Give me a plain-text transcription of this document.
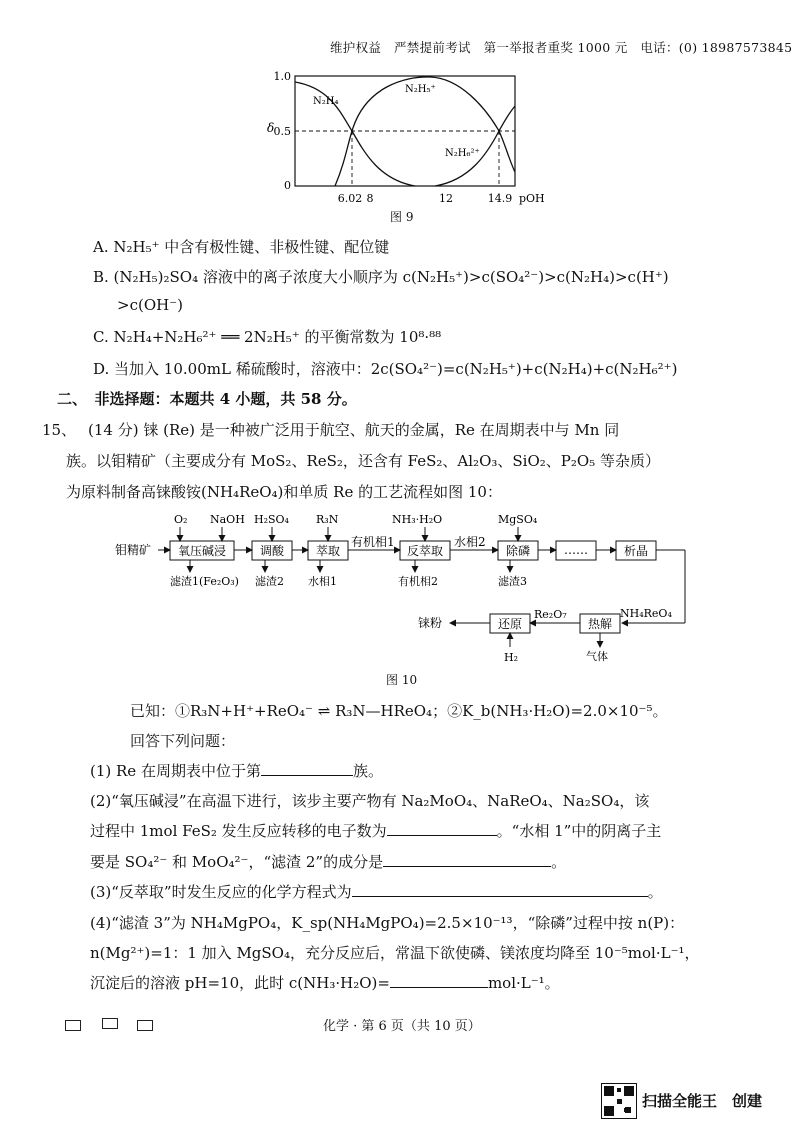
维护权益　严禁提前考试　第一举报者重奖 1000 元　电话：(0) 18987573845
δ
1.0
0.5
0
6.02 8	12	14.9 pOH
N₂H₄
N₂H₅⁺
N₂H₆²⁺
图 9
A. N₂H₅⁺ 中含有极性键、非极性键、配位键
B. (N₂H₅)₂SO₄ 溶液中的离子浓度大小顺序为 c(N₂H₅⁺)>c(SO₄²⁻)>c(N₂H₄)>c(H⁺)
>c(OH⁻)
C. N₂H₄+N₂H₆²⁺ ══ 2N₂H₅⁺ 的平衡常数为 10⁸·⁸⁸
D. 当加入 10.00mL 稀硫酸时，溶液中：2c(SO₄²⁻)=c(N₂H₅⁺)+c(N₂H₄)+c(N₂H₆²⁺)
二、　非选择题：本题共 4 小题，共 58 分。
15、 (14 分) 铼 (Re) 是一种被广泛用于航空、航天的金属，Re 在周期表中与 Mn 同
族。以钼精矿（主要成分有 MoS₂、ReS₂，还含有 FeS₂、Al₂O₃、SiO₂、P₂O₅ 等杂质）
为原料制备高铼酸铵(NH₄ReO₄)和单质 Re 的工艺流程如图 10：
钼精矿 氧压碱浸	调酸	萃取
有机相1
反萃取
水相2
除磷	……	析晶
NH₄ReO₄
热解
Re₂O₇
还原
铼粉
O₂ NaOH H₂SO₄ R₃N	NH₃·H₂O	MgSO₄
滤渣1(Fe₂O₃) 滤渣2 水相1	有机相2	滤渣3
气体
H₂
图 10
已知：①R₃N+H⁺+ReO₄⁻ ⇌ R₃N—HReO₄；②K_b(NH₃·H₂O)=2.0×10⁻⁵。
回答下列问题：
(1) Re 在周期表中位于第	族。
(2)“氧压碱浸”在高温下进行，该步主要产物有 Na₂MoO₄、NaReO₄、Na₂SO₄，该
过程中 1mol FeS₂ 发生反应转移的电子数为	。“水相 1”中的阴离子主
要是 SO₄²⁻ 和 MoO₄²⁻，“滤渣 2”的成分是	。
(3)“反萃取”时发生反应的化学方程式为	。
(4)“滤渣 3”为 NH₄MgPO₄，K_sp(NH₄MgPO₄)=2.5×10⁻¹³，“除磷”过程中按 n(P)：
n(Mg²⁺)=1：1 加入 MgSO₄，充分反应后，常温下欲使磷、镁浓度均降至 10⁻⁵mol·L⁻¹，
沉淀后的溶液 pH=10，此时 c(NH₃·H₂O)=	mol·L⁻¹。
化学 · 第 6 页（共 10 页）
扫描全能王　创建
